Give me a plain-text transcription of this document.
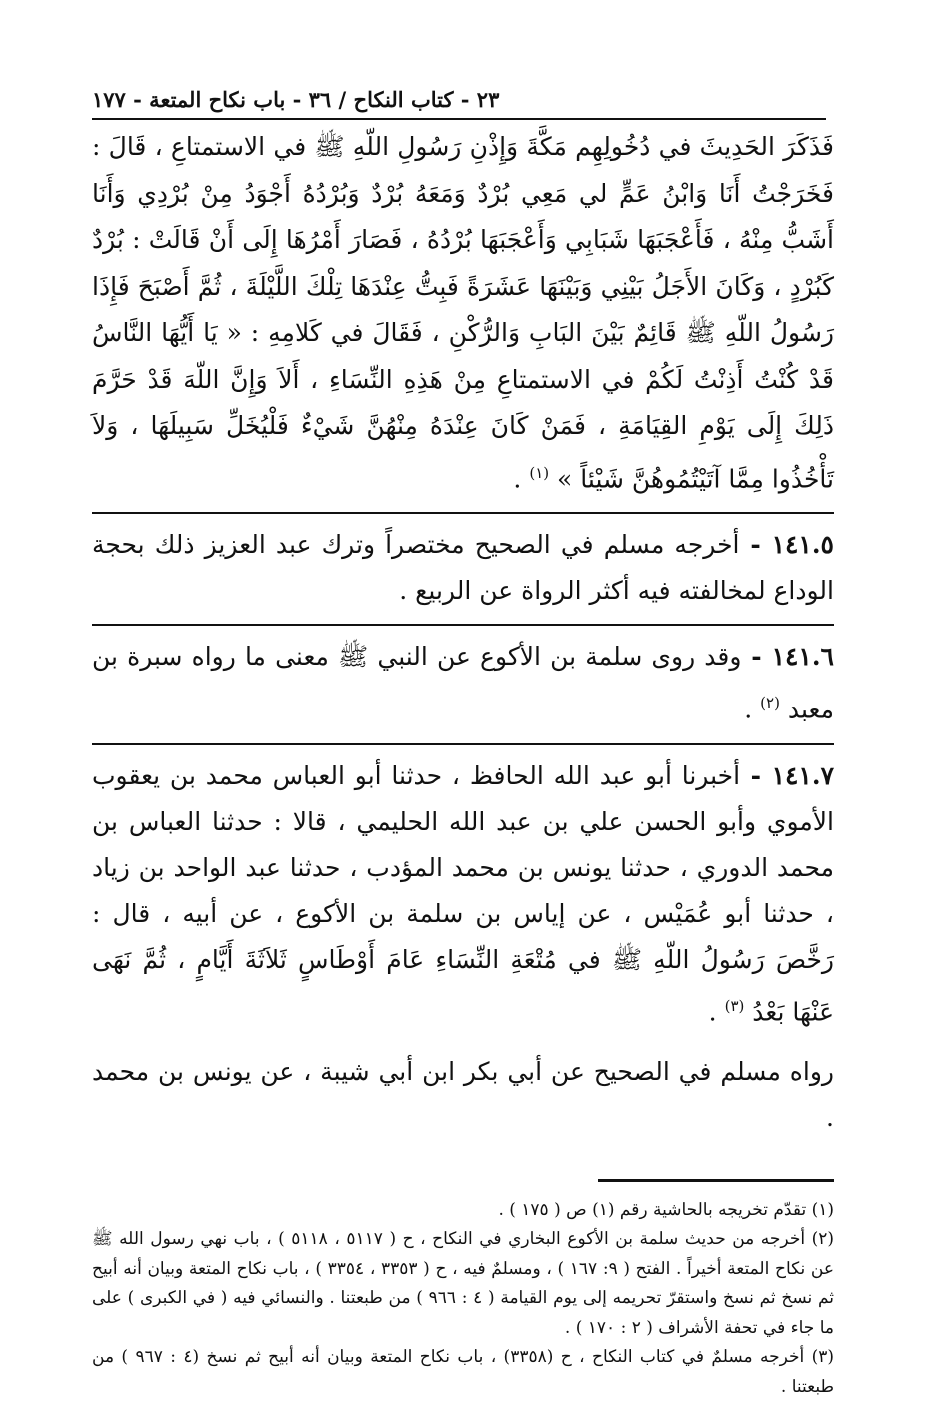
٢٣ - كتاب النكاح / ٣٦ - باب نكاح المتعة - ١٧٧
فَذَكَرَ الحَدِيثَ في دُخُولِهِم مَكَّةَ وَإِذْنِ رَسُولِ اللّهِ ﷺ في الاستمتاعِ ، قَالَ : فَخَرَجْتُ أَنَا وَابْنُ عَمٍّ لي مَعِي بُرْدٌ وَمَعَهُ بُرْدٌ وَبُرْدُهُ أَجْوَدُ مِنْ بُرْدِي وَأَنَا أَشَبُّ مِنْهُ ، فَأَعْجَبَهَا شَبَابِي وَأَعْجَبَهَا بُرْدُهُ ، فَصَارَ أَمْرُهَا إِلَى أَنْ قَالَتْ : بُرْدٌ كَبُرْدٍ ، وَكَانَ الأَجَلُ بَيْنِي وَبَيْنَهَا عَشَرَةً فَبِتُّ عِنْدَهَا تِلْكَ اللَّيْلَةَ ، ثُمَّ أَصْبَحَ فَإِذَا رَسُولُ اللّهِ ﷺ قَائِمٌ بَيْنَ البَابِ وَالرُّكْنِ ، فَقَالَ في كَلامِهِ : « يَا أَيُّهَا النَّاسُ قَدْ كُنْتُ أَذِنْتُ لَكُمْ في الاستمتاعِ مِنْ هَذِهِ النِّسَاءِ ، أَلاَ وَإِنَّ اللّهَ قَدْ حَرَّمَ ذَلِكَ إِلَى يَوْمِ القِيَامَةِ ، فَمَنْ كَانَ عِنْدَهُ مِنْهُنَّ شَيْءٌ فَلْيُخَلِّ سَبِيلَهَا ، وَلاَ تَأْخُذُوا مِمَّا آتَيْتُمُوهُنَّ شَيْئاً » $^{(١)}$ .

١٤١.٥ - أخرجه مسلم في الصحيح مختصراً وترك عبد العزيز ذلك بحجة الوداع لمخالفته فيه أكثر الرواة عن الربيع .

١٤١.٦ - وقد روى سلمة بن الأكوع عن النبي ﷺ معنى ما رواه سبرة بن معبد $^{(٢)}$ .

١٤١.٧ - أخبرنا أبو عبد الله الحافظ ، حدثنا أبو العباس محمد بن يعقوب الأموي وأبو الحسن علي بن عبد الله الحليمي ، قالا : حدثنا العباس بن محمد الدوري ، حدثنا يونس بن محمد المؤدب ، حدثنا عبد الواحد بن زياد ، حدثنا أبو عُمَيْس ، عن إياس بن سلمة بن الأكوع ، عن أبيه ، قال : رَخَّصَ رَسُولُ اللّهِ ﷺ في مُتْعَةِ النِّسَاءِ عَامَ أَوْطَاسٍ ثَلاَثَةَ أَيَّامٍ ، ثُمَّ نَهَى عَنْهَا بَعْدُ $^{(٣)}$ .

رواه مسلم في الصحيح عن أبي بكر ابن أبي شيبة ، عن يونس بن محمد .

(١) تقدّم تخريجه بالحاشية رقم (١) ص ( ١٧٥ ) .

(٢) أخرجه من حديث سلمة بن الأكوع البخاري في النكاح ، ح ( ٥١١٧ ، ٥١١٨ ) ، باب نهي رسول الله ﷺ عن نكاح المتعة أخيراً . الفتح ( ٩: ١٦٧ ) ، ومسلمٌ فيه ، ح ( ٣٣٥٣ ، ٣٣٥٤ ) ، باب نكاح المتعة وبيان أنه أبيح ثم نسخ ثم نسخ واستقرّ تحريمه إلى يوم القيامة ( ٤ : ٩٦٦ ) من طبعتنا . والنسائي فيه ( في الكبرى ) على ما جاء في تحفة الأشراف ( ٢ : ١٧٠ ) .

(٣) أخرجه مسلمٌ في كتاب النكاح ، ح (٣٣٥٨) ، باب نكاح المتعة وبيان أنه أبيح ثم نسخ (٤ : ٩٦٧ ) من طبعتنا .
